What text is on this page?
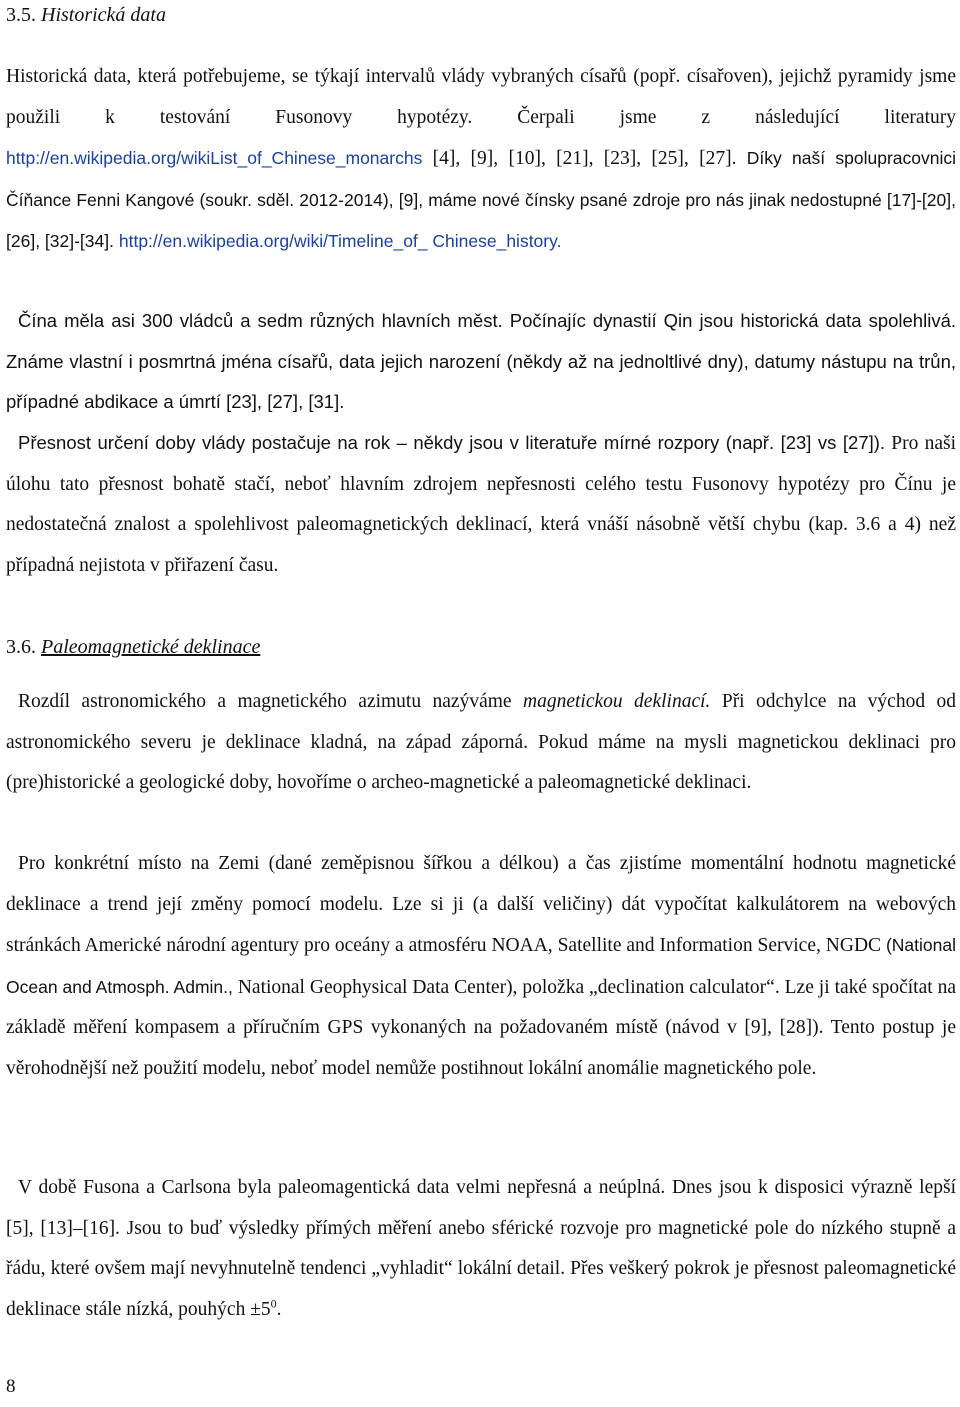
3.5. Historická data

Historická data, která potřebujeme, se týkají intervalů vlády vybraných císařů (popř. císařoven), jejichž pyramidy jsme použili k testování Fusonovy hypotézy. Čerpali jsme z následující literatury http://en.wikipedia.org/wikiList_of_Chinese_monarchs [4], [9], [10], [21], [23], [25], [27]. Díky naší spolupracovnici Číňance Fenni Kangové (soukr. sděl. 2012-2014), [9], máme nové čínsky psané zdroje pro nás jinak nedostupné [17]-[20], [26], [32]-[34]. http://en.wikipedia.org/wiki/Timeline_of_ Chinese_history.

Čína měla asi 300 vládců a sedm různých hlavních měst. Počínajíc dynastií Qin jsou historická data spolehlivá. Známe vlastní i posmrtná jména císařů, data jejich narození (někdy až na jednoltlivé dny), datumy nástupu na trůn, případné abdikace a úmrtí [23], [27], [31].

Přesnost určení doby vlády postačuje na rok – někdy jsou v literatuře mírné rozpory (např. [23] vs [27]). Pro naši úlohu tato přesnost bohatě stačí, neboť hlavním zdrojem nepřesnosti celého testu Fusonovy hypotézy pro Čínu je nedostatečná znalost a spolehlivost paleomagnetických deklinací, která vnáší násobně větší chybu (kap. 3.6 a 4) než případná nejistota v přiřazení času.

3.6. Paleomagnetické deklinace

Rozdíl astronomického a magnetického azimutu nazýváme magnetickou deklinací. Při odchylce na východ od astronomického severu je deklinace kladná, na západ záporná. Pokud máme na mysli magnetickou deklinaci pro (pre)historické a geologické doby, hovoříme o archeo-magnetické a paleomagnetické deklinaci.

Pro konkrétní místo na Zemi (dané zeměpisnou šířkou a délkou) a čas zjistíme momentální hodnotu magnetické deklinace a trend její změny pomocí modelu. Lze si ji (a další veličiny) dát vypočítat kalkulátorem na webových stránkách Americké národní agentury pro oceány a atmosféru NOAA, Satellite and Information Service, NGDC (National Ocean and Atmosph. Admin., National Geophysical Data Center), položka „declination calculator“. Lze ji také spočítat na základě měření kompasem a příručním GPS vykonaných na požadovaném místě (návod v [9], [28]). Tento postup je věrohodnější než použití modelu, neboť model nemůže postihnout lokální anomálie magnetického pole.

V době Fusona a Carlsona byla paleomagentická data velmi nepřesná a neúplná. Dnes jsou k disposici výrazně lepší [5], [13]–[16]. Jsou to buď výsledky přímých měření anebo sférické rozvoje pro magnetické pole do nízkého stupně a řádu, které ovšem mají nevyhnutelně tendenci „vyhladit“ lokální detail. Přes veškerý pokrok je přesnost paleomagnetické deklinace stále nízká, pouhých $\pm 5^0$.

8
